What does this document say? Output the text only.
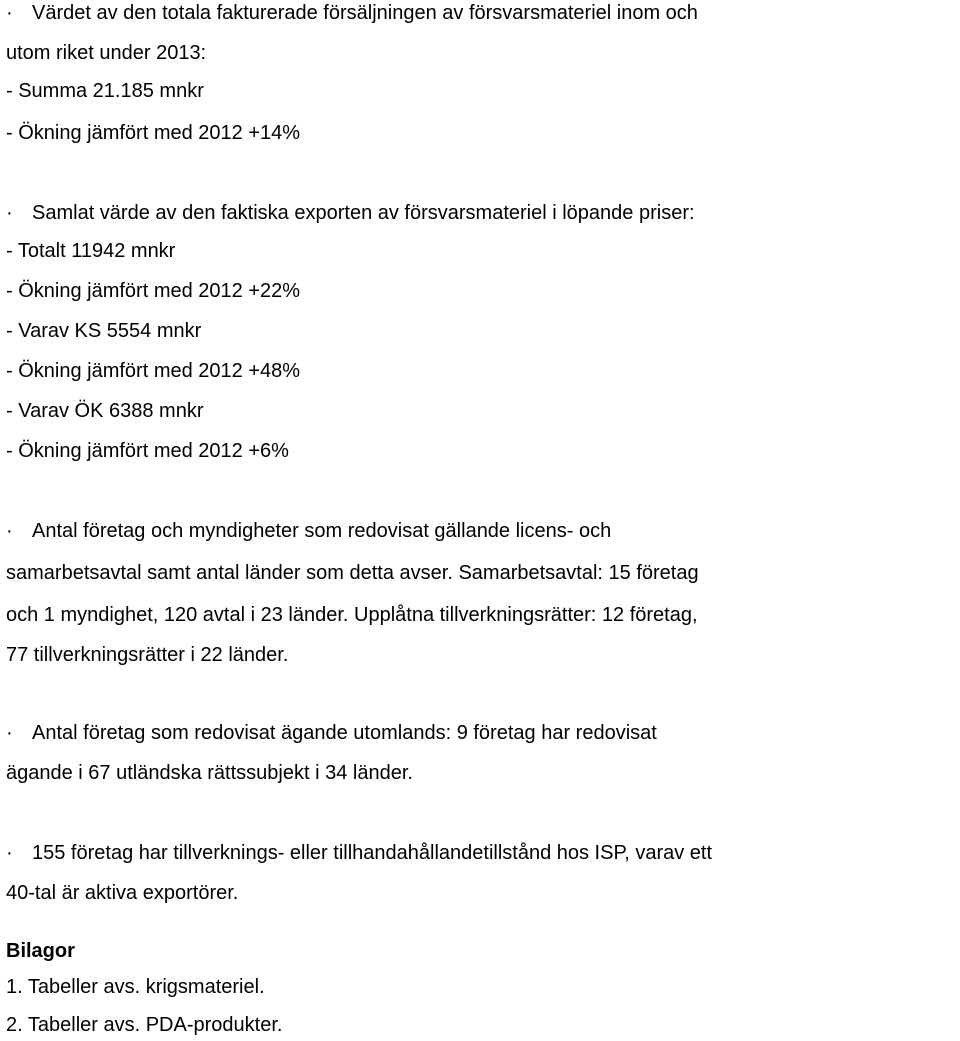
· Värdet av den totala fakturerade försäljningen av försvarsmateriel inom och
utom riket under 2013:
- Summa 21.185 mnkr
- Ökning jämfört med 2012 +14%
· Samlat värde av den faktiska exporten av försvarsmateriel i löpande priser:
- Totalt 11942 mnkr
- Ökning jämfört med 2012 +22%
- Varav KS 5554 mnkr
- Ökning jämfört med 2012 +48%
- Varav ÖK 6388 mnkr
- Ökning jämfört med 2012 +6%
· Antal företag och myndigheter som redovisat gällande licens- och
samarbetsavtal samt antal länder som detta avser. Samarbetsavtal: 15 företag
och 1 myndighet, 120 avtal i 23 länder. Upplåtna tillverkningsrätter: 12 företag,
77 tillverkningsrätter i 22 länder.
· Antal företag som redovisat ägande utomlands: 9 företag har redovisat
ägande i 67 utländska rättssubjekt i 34 länder.
· 155 företag har tillverknings- eller tillhandahållandetillstånd hos ISP, varav ett
40-tal är aktiva exportörer.
Bilagor
1. Tabeller avs. krigsmateriel.
2. Tabeller avs. PDA-produkter.
